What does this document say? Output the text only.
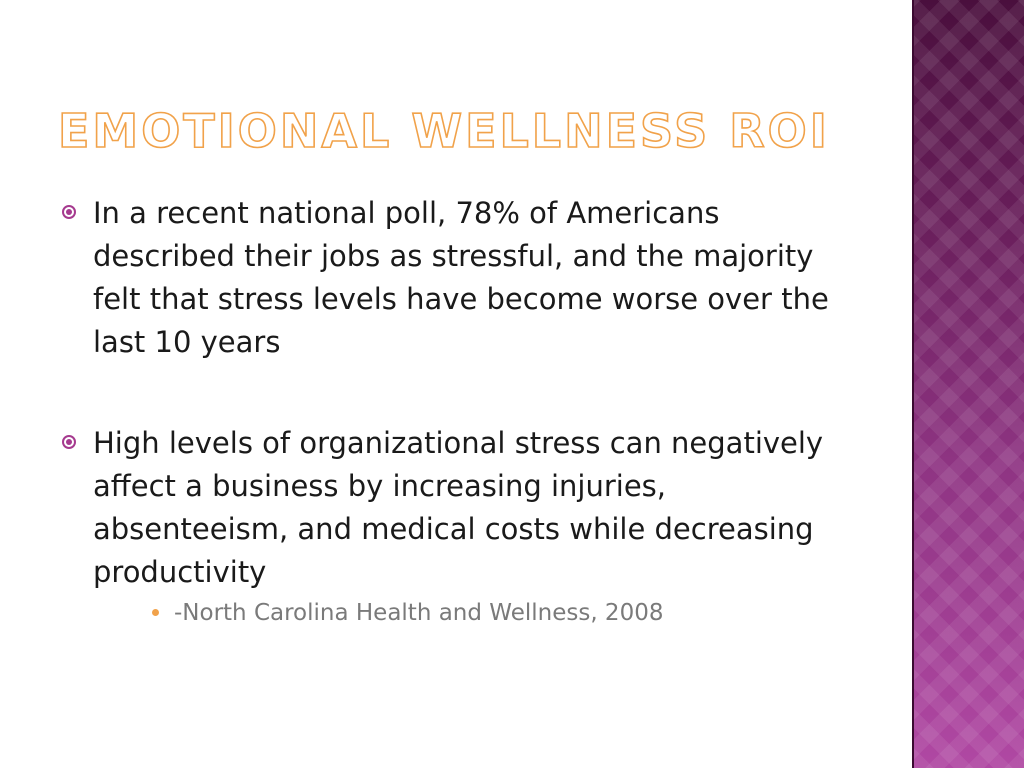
EMOTIONAL WELLNESS ROI
In a recent national poll, 78% of Americans described their jobs as stressful, and the majority felt that stress levels have become worse over the last 10 years
High levels of organizational stress can negatively affect a business by increasing injuries, absenteeism, and medical costs while decreasing productivity
-North Carolina Health and Wellness, 2008
